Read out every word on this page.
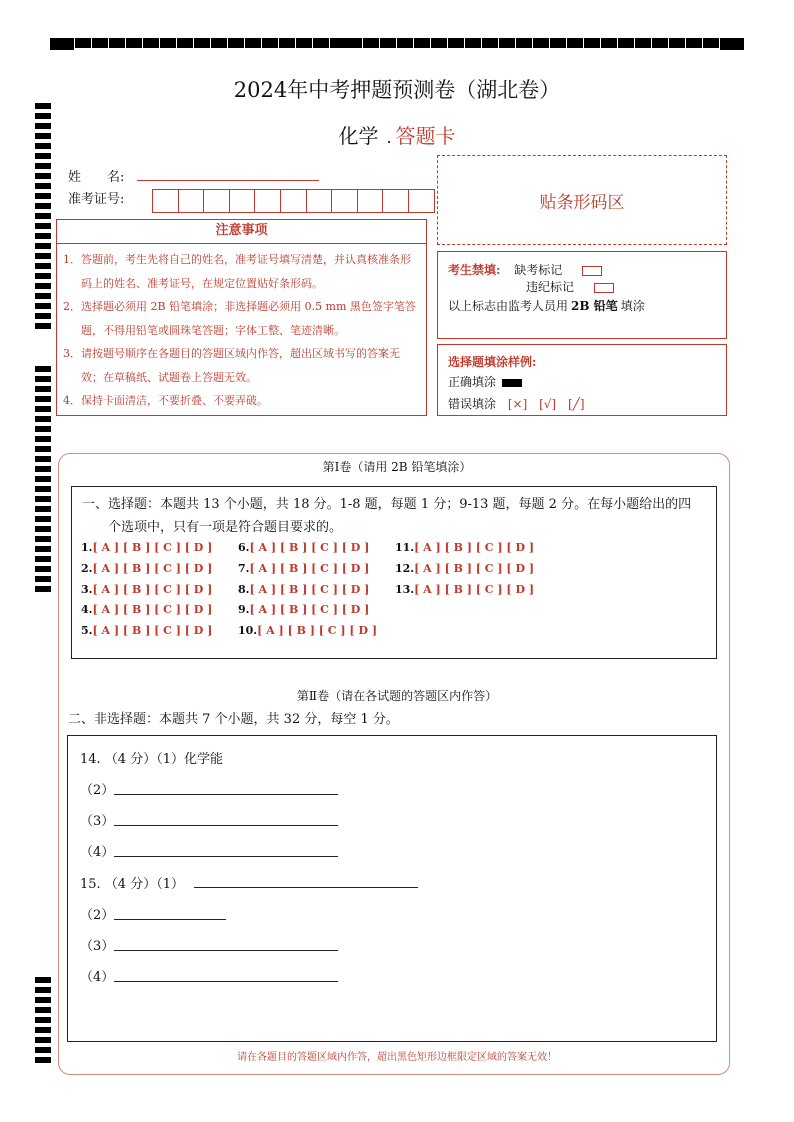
2024年中考押题预测卷（湖北卷）
化学 . 答题卡
姓　　名:
准考证号:	贴条形码区
注意事项
1．答题前，考生先将自己的姓名，准考证号填写清楚，并认真核准条形码上的姓名、准考证号，在规定位置贴好条形码。
2．选择题必须用 2B 铅笔填涂；非选择题必须用 0.5 mm 黑色签字笔答题，不得用铅笔或圆珠笔答题；字体工整、笔迹清晰。
3．请按题号顺序在各题目的答题区域内作答，超出区域书写的答案无效；在草稿纸、试题卷上答题无效。
4．保持卡面清洁，不要折叠、不要弄破。
考生禁填: 缺考标记
违纪标记
以上标志由监考人员用 2B 铅笔 填涂
选择题填涂样例:
正确填涂
错误填涂 [×] [√] [╱]
第Ⅰ卷（请用 2B 铅笔填涂）
一、选择题：本题共 13 个小题，共 18 分。1-8 题，每题 1 分；9-13 题，每题 2 分。在每小题给出的四
个选项中，只有一项是符合题目要求的。
1.[ A ] [ B ] [ C ] [ D ]
2.[ A ] [ B ] [ C ] [ D ]
3.[ A ] [ B ] [ C ] [ D ]
4.[ A ] [ B ] [ C ] [ D ]
5.[ A ] [ B ] [ C ] [ D ]
6.[ A ] [ B ] [ C ] [ D ]
7.[ A ] [ B ] [ C ] [ D ]
8.[ A ] [ B ] [ C ] [ D ]
9.[ A ] [ B ] [ C ] [ D ]
10.[ A ] [ B ] [ C ] [ D ]
11.[ A ] [ B ] [ C ] [ D ]
12.[ A ] [ B ] [ C ] [ D ]
13.[ A ] [ B ] [ C ] [ D ]
第Ⅱ卷（请在各试题的答题区内作答）
二、非选择题：本题共 7 个小题，共 32 分，每空 1 分。
14. （4 分）（1）化学能
（2）
（3）
（4）
15. （4 分）（1）
（2）
（3）
（4）
请在各题目的答题区域内作答，超出黑色矩形边框限定区域的答案无效！
